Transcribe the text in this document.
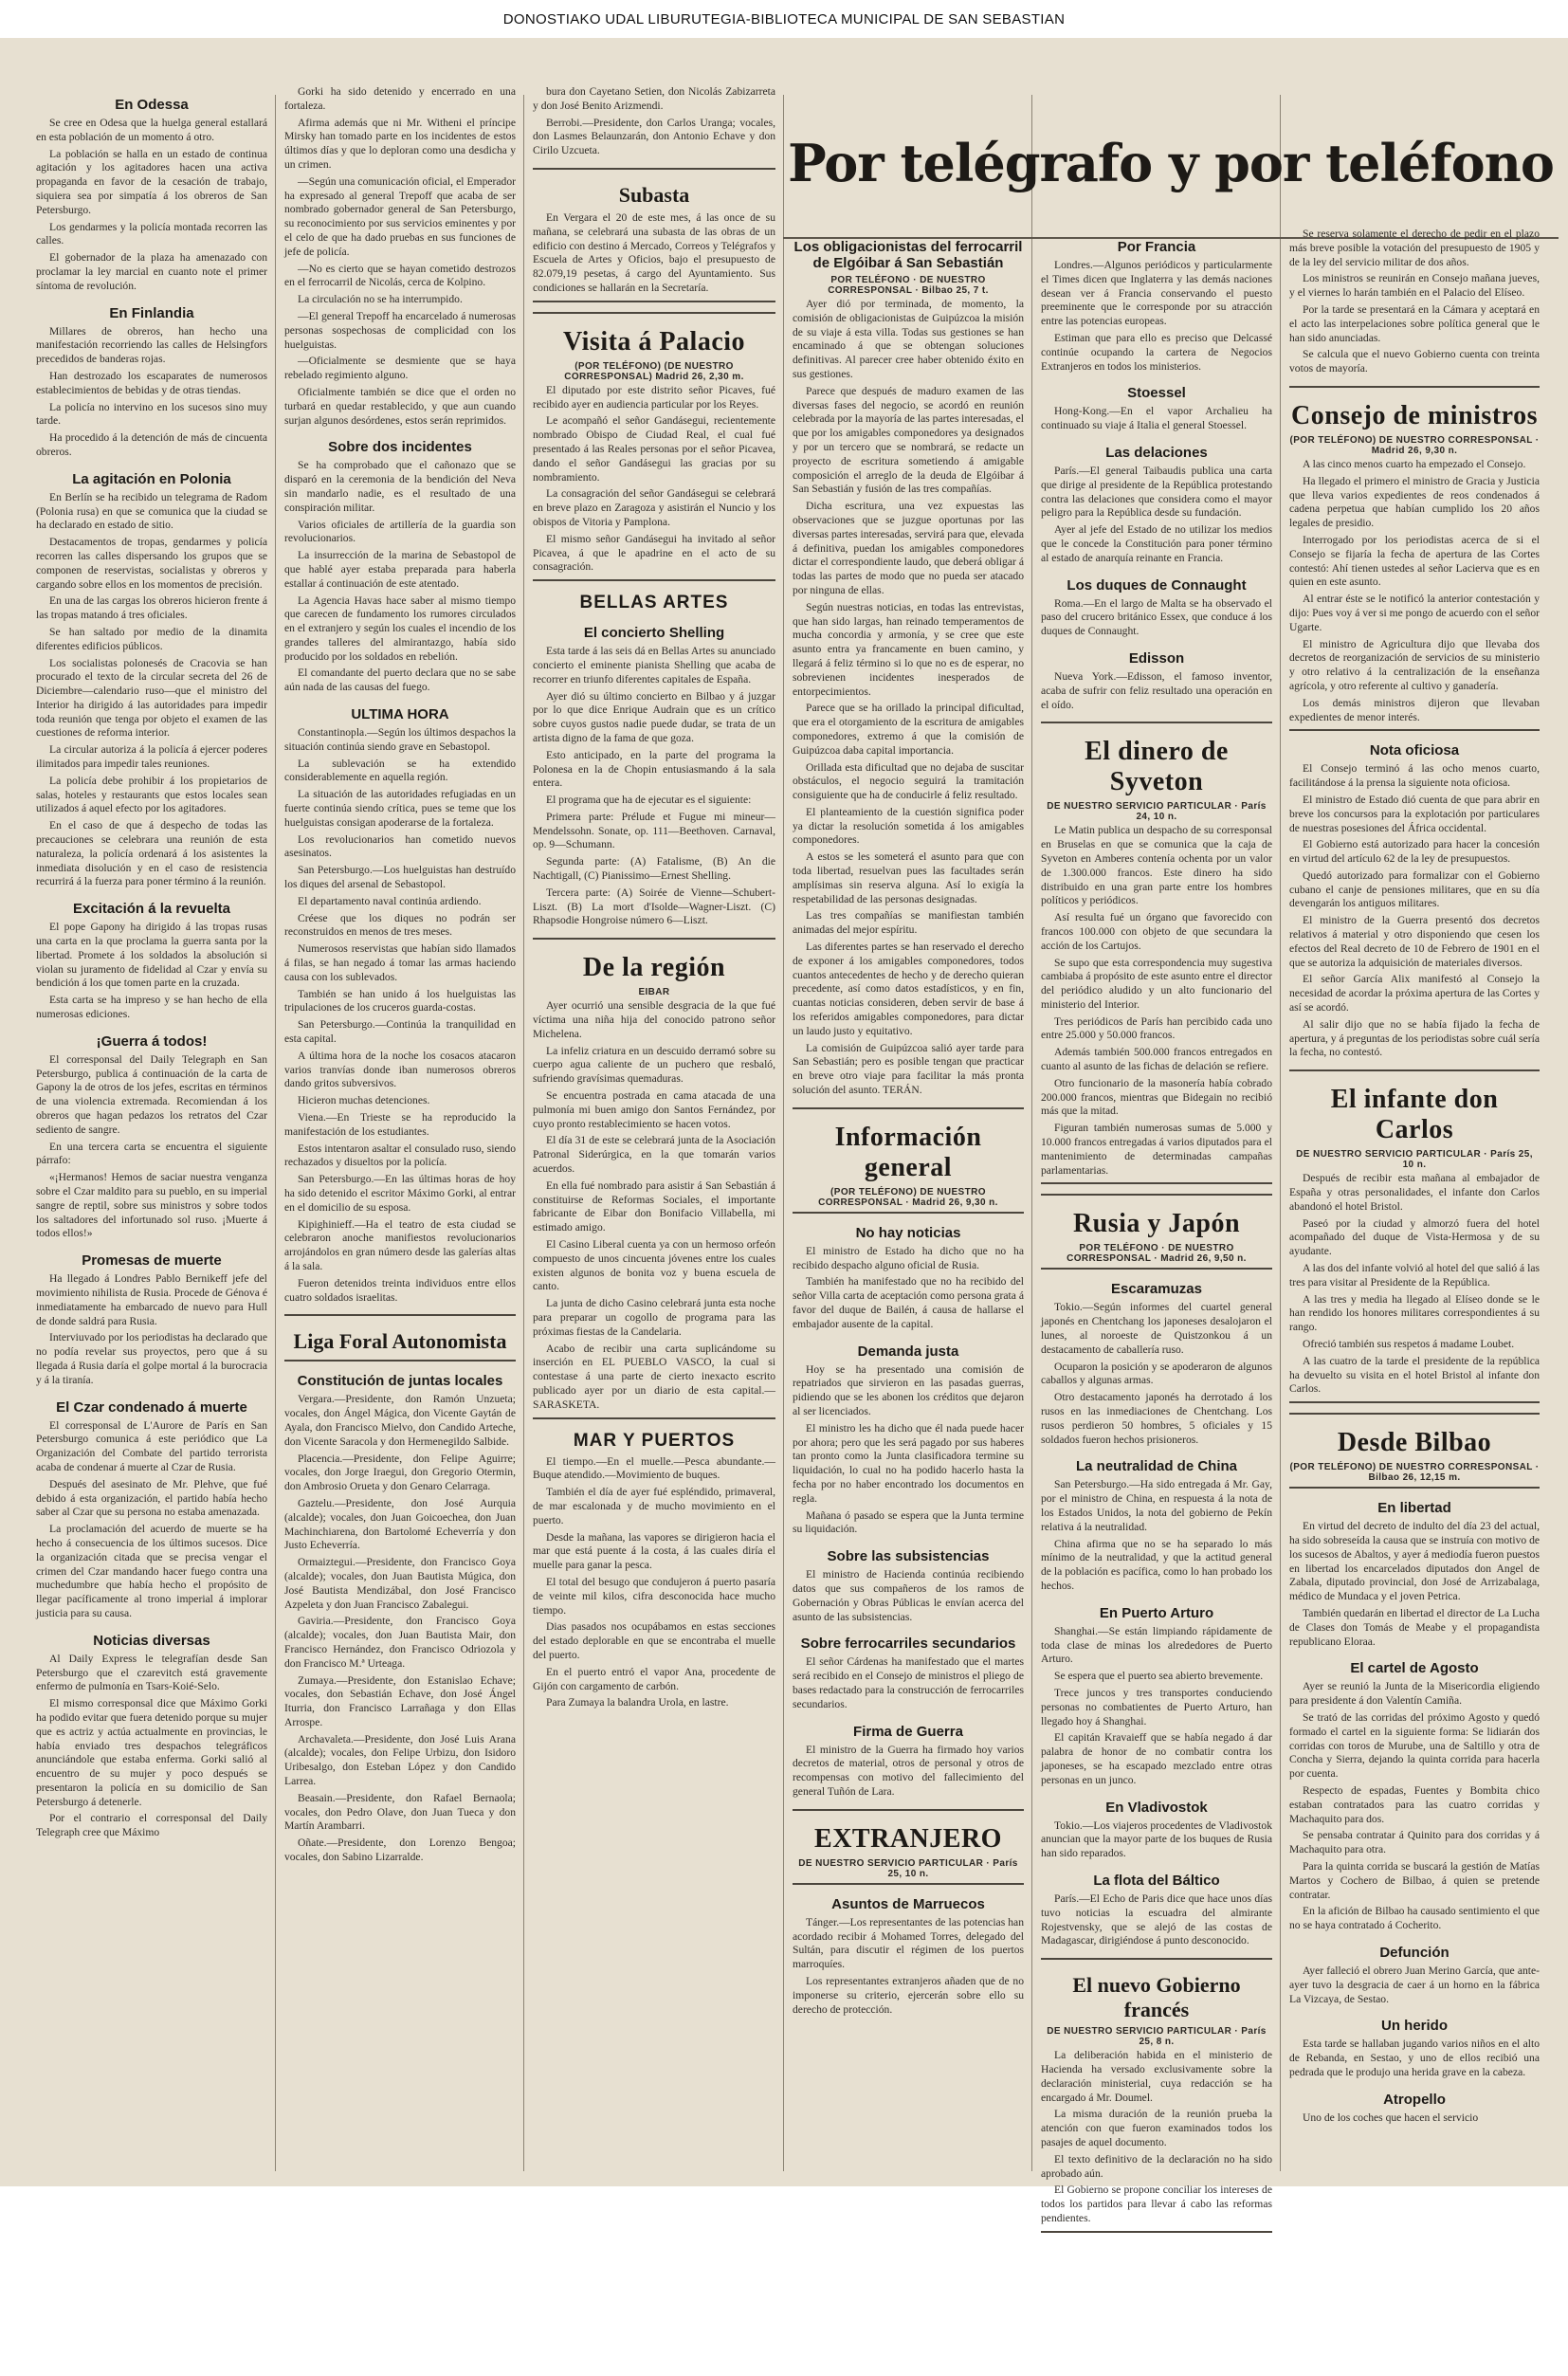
DONOSTIAKO UDAL LIBURUTEGIA-BIBLIOTECA MUNICIPAL DE SAN SEBASTIAN
Por telégrafo y por teléfono
En Odessa

Se cree en Odesa que la huelga general estallará en esta población de un momento á otro.

La población se halla en un estado de continua agitación y los agitadores hacen una activa propaganda en favor de la cesación de trabajo, siquiera sea por simpatía á los obreros de San Petersburgo.

Los gendarmes y la policía montada recorren las calles.

El gobernador de la plaza ha amenazado con proclamar la ley marcial en cuanto note el primer síntoma de revolución.

En Finlandia

Millares de obreros, han hecho una manifestación recorriendo las calles de Helsingfors precedidos de banderas rojas.

Han destrozado los escaparates de numerosos establecimientos de bebidas y de otras tiendas.

La policía no intervino en los sucesos sino muy tarde.

Ha procedido á la detención de más de cincuenta obreros.

La agitación en Polonia

En Berlín se ha recibido un telegrama de Radom (Polonia rusa) en que se comunica que la ciudad se ha declarado en estado de sitio.

Destacamentos de tropas, gendarmes y policía recorren las calles dispersando los grupos que se componen de reservistas, socialistas y obreros y cargando sobre ellos en los momentos de precisión.

En una de las cargas los obreros hicieron frente á las tropas matando á tres oficiales.

Se han saltado por medio de la dinamita diferentes edificios públicos.

Los socialistas polonesés de Cracovia se han procurado el texto de la circular secreta del 26 de Diciembre—calendario ruso—que el ministro del Interior ha dirigido á las autoridades para impedir toda reunión que tenga por objeto el examen de las cuestiones de reforma interior.

La circular autoriza á la policía á ejercer poderes ilimitados para impedir tales reuniones.

La policía debe prohibir á los propietarios de salas, hoteles y restaurants que estos locales sean utilizados á aquel efecto por los agitadores.

En el caso de que á despecho de todas las precauciones se celebrara una reunión de esta naturaleza, la policía ordenará á los asistentes la inmediata disolución y en el caso de resistencia recurrirá á la fuerza para poner término á la reunión.

Excitación á la revuelta

El pope Gapony ha dirigido á las tropas rusas una carta en la que proclama la guerra santa por la libertad. Promete á los soldados la absolución si violan su juramento de fidelidad al Czar y envía su bendición á los que tomen parte en la cruzada.

Esta carta se ha impreso y se han hecho de ella numerosas ediciones.

¡Guerra á todos!

El corresponsal del Daily Telegraph en San Petersburgo, publica á continuación de la carta de Gapony la de otros de los jefes, escritas en términos de una violencia extremada. Recomiendan á los obreros que hagan pedazos los retratos del Czar sediento de sangre.

En una tercera carta se encuentra el siguiente párrafo:

«¡Hermanos! Hemos de saciar nuestra venganza sobre el Czar maldito para su pueblo, en su imperial sangre de reptil, sobre sus ministros y sobre todos los saltadores del infortunado sol ruso. ¡Muerte á todos ellos!»

Promesas de muerte

Ha llegado á Londres Pablo Bernikeff jefe del movimiento nihilista de Rusia. Procede de Génova é inmediatamente ha embarcado de nuevo para Hull de donde saldrá para Rusia.

Interviuvado por los periodistas ha declarado que no podía revelar sus proyectos, pero que á su llegada á Rusia daría el golpe mortal á la burocracia y á la tiranía.

El Czar condenado á muerte

El corresponsal de L'Aurore de París en San Petersburgo comunica á este periódico que La Organización del Combate del partido terrorista acaba de condenar á muerte al Czar de Rusia.

Después del asesinato de Mr. Plehve, que fué debido á esta organización, el partido había hecho saber al Czar que su persona no estaba amenazada.

La proclamación del acuerdo de muerte se ha hecho á consecuencia de los últimos sucesos. Dice la organización citada que se precisa vengar el crimen del Czar mandando hacer fuego contra una muchedumbre que había hecho el propósito de llegar pacíficamente al trono imperial á implorar justicia para su causa.

Noticias diversas

Al Daily Express le telegrafían desde San Petersburgo que el czarevitch está gravemente enfermo de pulmonía en Tsars-Koié-Selo.

El mismo corresponsal dice que Máximo Gorki ha podido evitar que fuera detenido porque su mujer que es actriz y actúa actualmente en provincias, le había enviado tres despachos telegráficos anunciándole que estaba enferma. Gorki salió al encuentro de su mujer y poco después se presentaron la policía en su domicilio de San Petersburgo á detenerle.

Por el contrario el corresponsal del Daily Telegraph cree que Máximo

Gorki ha sido detenido y encerrado en una fortaleza.

Afirma además que ni Mr. Witheni el príncipe Mirsky han tomado parte en los incidentes de estos últimos días y que lo deploran como una desdicha y un crimen.

—Según una comunicación oficial, el Emperador ha expresado al general Trepoff que acaba de ser nombrado gobernador general de San Petersburgo, su reconocimiento por sus servicios eminentes y por el celo de que ha dado pruebas en sus funciones de jefe de policía.

—No es cierto que se hayan cometido destrozos en el ferrocarril de Nicolás, cerca de Kolpino.

La circulación no se ha interrumpido.

—El general Trepoff ha encarcelado á numerosas personas sospechosas de complicidad con los huelguistas.

—Oficialmente se desmiente que se haya rebelado regimiento alguno.

Oficialmente también se dice que el orden no turbará en quedar restablecido, y que aun cuando surjan algunos desórdenes, estos serán reprimidos.

Sobre dos incidentes

Se ha comprobado que el cañonazo que se disparó en la ceremonia de la bendición del Neva sin mandarlo nadie, es el resultado de una conspiración militar.

Varios oficiales de artillería de la guardia son revolucionarios.

La insurrección de la marina de Sebastopol de que hablé ayer estaba preparada para haberla estallar á continuación de este atentado.

La Agencia Havas hace saber al mismo tiempo que carecen de fundamento los rumores circulados en el extranjero y según los cuales el incendio de los grandes talleres del almirantazgo, había sido producido por los soldados en rebelión.

El comandante del puerto declara que no se sabe aún nada de las causas del fuego.

ULTIMA HORA

Constantinopla.—Según los últimos despachos la situación continúa siendo grave en Sebastopol.

La sublevación se ha extendido considerablemente en aquella región.

La situación de las autoridades refugiadas en un fuerte continúa siendo crítica, pues se teme que los huelguistas consigan apoderarse de la fortaleza.

Los revolucionarios han cometido nuevos asesinatos.

San Petersburgo.—Los huelguistas han destruído los diques del arsenal de Sebastopol.

El departamento naval continúa ardiendo.

Créese que los diques no podrán ser reconstruidos en menos de tres meses.

Numerosos reservistas que habían sido llamados á filas, se han negado á tomar las armas haciendo causa con los sublevados.

También se han unido á los huelguistas las tripulaciones de los cruceros guarda-costas.

San Petersburgo.—Continúa la tranquilidad en esta capital.

A última hora de la noche los cosacos atacaron varios tranvías donde iban numerosos obreros dando gritos subversivos.

Hicieron muchas detenciones.

Viena.—En Trieste se ha reproducido la manifestación de los estudiantes.

Estos intentaron asaltar el consulado ruso, siendo rechazados y disueltos por la policía.

San Petersburgo.—En las últimas horas de hoy ha sido detenido el escritor Máximo Gorki, al entrar en el domicilio de su esposa.

Kipighinieff.—Ha el teatro de esta ciudad se celebraron anoche manifiestos revolucionarios arrojándolos en gran número desde las galerías altas á la sala.

Fueron detenidos treinta individuos entre ellos cuatro soldados israelitas.

Liga Foral Autonomista
Constitución de juntas locales

Vergara.—Presidente, don Ramón Unzueta; vocales, don Ángel Mágica, don Vicente Gaytán de Ayala, don Francisco Mielvo, don Candido Arteche, don Vicente Saracola y don Hermenegildo Salbide.

Placencia.—Presidente, don Felipe Aguirre; vocales, don Jorge Iraegui, don Gregorio Otermin, don Ambrosio Orueta y don Genaro Celarraga.

Gaztelu.—Presidente, don José Aurquia (alcalde); vocales, don Juan Goicoechea, don Juan Machinchiarena, don Bartolomé Echeverría y don Justo Echeverría.

Ormaiztegui.—Presidente, don Francisco Goya (alcalde); vocales, don Juan Bautista Múgica, don José Bautista Mendizábal, don José Francisco Azpeleta y don Juan Francisco Zabalegui.

Gaviria.—Presidente, don Francisco Goya (alcalde); vocales, don Juan Bautista Mair, don Francisco Hernández, don Francisco Odriozola y don Francisco M.ª Urteaga.

Zumaya.—Presidente, don Estanislao Echave; vocales, don Sebastián Echave, don José Ángel Iturria, don Francisco Larrañaga y don Ellas Arrospe.

Archavaleta.—Presidente, don José Luis Arana (alcalde); vocales, don Felipe Urbizu, don Isidoro Uribesalgo, don Esteban López y don Candido Larrea.

Beasain.—Presidente, don Rafael Bernaola; vocales, don Pedro Olave, don Juan Tueca y don Martín Arambarri.

Oñate.—Presidente, don Lorenzo Bengoa; vocales, don Sabino Lizarralde.

bura don Cayetano Setien, don Nicolás Zabizarreta y don José Benito Arizmendi.

Berrobi.—Presidente, don Carlos Uranga; vocales, don Lasmes Belaunzarán, don Antonio Echave y don Cirilo Uzcueta.

Subasta

En Vergara el 20 de este mes, á las once de su mañana, se celebrará una subasta de las obras de un edificio con destino á Mercado, Correos y Telégrafos y Escuela de Artes y Oficios, bajo el presupuesto de 82.079,19 pesetas, á cargo del Ayuntamiento. Sus condiciones se hallarán en la Secretaría.

Visita á Palacio
(POR TELÉFONO) (DE NUESTRO CORRESPONSAL) Madrid 26, 2,30 m.

El diputado por este distrito señor Picaves, fué recibido ayer en audiencia particular por los Reyes.

Le acompañó el señor Gandásegui, recientemente nombrado Obispo de Ciudad Real, el cual fué presentado á las Reales personas por el señor Picavea, dando el señor Gandásegui las gracias por su nombramiento.

La consagración del señor Gandásegui se celebrará en breve plazo en Zaragoza y asistirán el Nuncio y los obispos de Vitoria y Pamplona.

El mismo señor Gandásegui ha invitado al señor Picavea, á que le apadrine en el acto de su consagración.

BELLAS ARTES
El concierto Shelling

Esta tarde á las seis dá en Bellas Artes su anunciado concierto el eminente pianista Shelling que acaba de recorrer en triunfo diferentes capitales de España.

Ayer dió su último concierto en Bilbao y á juzgar por lo que dice Enrique Audrain que es un crítico sobre cuyos gustos nadie puede dudar, se trata de un artista digno de la fama de que goza.

Esto anticipado, en la parte del programa la Polonesa en la de Chopin entusiasmando á la sala entera.

El programa que ha de ejecutar es el siguiente:

Primera parte: Prélude et Fugue mi mineur—Mendelssohn. Sonate, op. 111—Beethoven. Carnaval, op. 9—Schumann.

Segunda parte: (A) Fatalisme, (B) An die Nachtigall, (C) Pianissimo—Ernest Shelling.

Tercera parte: (A) Soirée de Vienne—Schubert-Liszt. (B) La mort d'Isolde—Wagner-Liszt. (C) Rhapsodie Hongroise número 6—Liszt.

De la región
EIBAR

Ayer ocurrió una sensible desgracia de la que fué víctima una niña hija del conocido patrono señor Michelena.

La infeliz criatura en un descuido derramó sobre su cuerpo agua caliente de un puchero que resbaló, sufriendo gravísimas quemaduras.

Se encuentra postrada en cama atacada de una pulmonía mi buen amigo don Santos Fernández, por cuyo pronto restablecimiento se hacen votos.

El día 31 de este se celebrará junta de la Asociación Patronal Siderúrgica, en la que tomarán varios acuerdos.

En ella fué nombrado para asistir á San Sebastián á constituirse de Reformas Sociales, el importante fabricante de Eibar don Bonifacio Villabella, mi estimado amigo.

El Casino Liberal cuenta ya con un hermoso orfeón compuesto de unos cincuenta jóvenes entre los cuales existen algunos de bonita voz y buena escuela de canto.

La junta de dicho Casino celebrará junta esta noche para preparar un cogollo de programa para las próximas fiestas de la Candelaria.

Acabo de recibir una carta suplicándome su inserción en EL PUEBLO VASCO, la cual si contestase á una parte de cierto inexacto escrito publicado ayer por un diario de esta capital.—SARASKETA.

MAR Y PUERTOS

El tiempo.—En el muelle.—Pesca abundante.—Buque atendido.—Movimiento de buques.

También el día de ayer fué espléndido, primaveral, de mar escalonada y de mucho movimiento en el puerto.

Desde la mañana, las vapores se dirigieron hacia el mar que está puente á la costa, á las cuales diría el muelle para ganar la pesca.

El total del besugo que condujeron á puerto pasaría de veinte mil kilos, cifra desconocida hace mucho tiempo.

Dias pasados nos ocupábamos en estas secciones del estado deplorable en que se encontraba el muelle del puerto.

En el puerto entró el vapor Ana, procedente de Gijón con cargamento de carbón.

Para Zumaya la balandra Urola, en lastre.

Los obligacionistas del ferrocarril de Elgóibar á San Sebastián
POR TELÉFONO · DE NUESTRO CORRESPONSAL · Bilbao 25, 7 t.

Ayer dió por terminada, de momento, la comisión de obligacionistas de Guipúzcoa la misión de su viaje á esta villa. Todas sus gestiones se han encaminado á que se obtengan soluciones definitivas. Al parecer cree haber obtenido éxito en sus gestiones.

Parece que después de maduro examen de las diversas fases del negocio, se acordó en reunión celebrada por la mayoría de las partes interesadas, el que por los amigables componedores ya designados y por un tercero que se nombrará, se redacte un proyecto de escritura sometiendo á amigable composición el arreglo de la deuda de Elgóibar á San Sebastián y fusión de las tres compañías.

Dicha escritura, una vez expuestas las observaciones que se juzgue oportunas por las diversas partes interesadas, servirá para que, elevada á definitiva, puedan los amigables componedores dictar el correspondiente laudo, que deberá obligar á todas las partes de modo que no pueda ser atacado por ninguna de ellas.

Según nuestras noticias, en todas las entrevistas, que han sido largas, han reinado temperamentos de mucha concordia y armonía, y se cree que este asunto entra ya francamente en buen camino, y llegará á feliz término si lo que no es de esperar, no sobrevienen incidentes inesperados de entorpecimientos.

Parece que se ha orillado la principal dificultad, que era el otorgamiento de la escritura de amigables componedores, extremo á que la comisión de Guipúzcoa daba capital importancia.

Orillada esta dificultad que no dejaba de suscitar obstáculos, el negocio seguirá la tramitación consiguiente que ha de conducirle á feliz resultado.

El planteamiento de la cuestión significa poder ya dictar la resolución sometida á los amigables componedores.

A estos se les someterá el asunto para que con toda libertad, resuelvan pues las facultades serán amplísimas sin reserva alguna. Así lo exigía la respetabilidad de las personas designadas.

Las tres compañías se manifiestan también animadas del mejor espíritu.

Las diferentes partes se han reservado el derecho de exponer á los amigables componedores, todos cuantos antecedentes de hecho y de derecho quieran precedente, así como datos estadísticos, y en fin, cuantas noticias consideren, deben servir de base á los referidos amigables componedores, para dictar un laudo justo y equitativo.

La comisión de Guipúzcoa salió ayer tarde para San Sebastián; pero es posible tengan que practicar en breve otro viaje para facilitar la más pronta solución del asunto. TERÁN.

Información general
(POR TELÉFONO) DE NUESTRO CORRESPONSAL · Madrid 26, 9,30 n.
No hay noticias

El ministro de Estado ha dicho que no ha recibido despacho alguno oficial de Rusia.

También ha manifestado que no ha recibido del señor Villa carta de aceptación como persona grata á favor del duque de Bailén, á causa de hallarse el embajador ausente de la capital.

Demanda justa

Hoy se ha presentado una comisión de repatriados que sirvieron en las pasadas guerras, pidiendo que se les abonen los créditos que dejaron al ser licenciados.

El ministro les ha dicho que él nada puede hacer por ahora; pero que les será pagado por sus haberes tan pronto como la Junta clasificadora termine su liquidación, lo cual no ha podido hacerlo hasta la fecha por no haber encontrado los documentos en regla.

Mañana ó pasado se espera que la Junta termine su liquidación.

Sobre las subsistencias

El ministro de Hacienda continúa recibiendo datos que sus compañeros de los ramos de Gobernación y Obras Públicas le envían acerca del asunto de las subsistencias.

Sobre ferrocarriles secundarios

El señor Cárdenas ha manifestado que el martes será recibido en el Consejo de ministros el pliego de bases redactado para la construcción de ferrocarriles secundarios.

Firma de Guerra

El ministro de la Guerra ha firmado hoy varios decretos de material, otros de personal y otros de recompensas con motivo del fallecimiento del general Tuñón de Lara.

EXTRANJERO
DE NUESTRO SERVICIO PARTICULAR · París 25, 10 n.
Asuntos de Marruecos

Tánger.—Los representantes de las potencias han acordado recibir á Mohamed Torres, delegado del Sultán, para discutir el régimen de los puertos marroquíes.

Los representantes extranjeros añaden que de no imponerse su criterio, ejercerán sobre ello su derecho de protección.

Por Francia

Londres.—Algunos periódicos y particularmente el Times dicen que Inglaterra y las demás naciones desean ver á Francia conservando el puesto preeminente que le corresponde por su atracción entre las potencias europeas.

Estiman que para ello es preciso que Delcassé continúe ocupando la cartera de Negocios Extranjeros en todos los ministerios.

Stoessel

Hong-Kong.—En el vapor Archalieu ha continuado su viaje á Italia el general Stoessel.

Las delaciones

París.—El general Taibaudis publica una carta que dirige al presidente de la República protestando contra las delaciones que considera como el mayor peligro para la República desde su fundación.

Ayer al jefe del Estado de no utilizar los medios que le concede la Constitución para poner término al estado de anarquía reinante en Francia.

Los duques de Connaught

Roma.—En el largo de Malta se ha observado el paso del crucero británico Essex, que conduce á los duques de Connaught.

Edisson

Nueva York.—Edisson, el famoso inventor, acaba de sufrir con feliz resultado una operación en el oído.

El dinero de Syveton
DE NUESTRO SERVICIO PARTICULAR · París 24, 10 n.

Le Matin publica un despacho de su corresponsal en Bruselas en que se comunica que la caja de Syveton en Amberes contenía ochenta por un valor de 1.300.000 francos. Este dinero ha sido distribuido en una gran parte entre los hombres políticos y periódicos.

Así resulta fué un órgano que favorecido con francos 100.000 con objeto de que secundara la acción de los Cartujos.

Se supo que esta correspondencia muy sugestiva cambiaba á propósito de este asunto entre el director del periódico aludido y un alto funcionario del ministerio del Interior.

Tres periódicos de París han percibido cada uno entre 25.000 y 50.000 francos.

Además también 500.000 francos entregados en cuanto al asunto de las fichas de delación se refiere.

Otro funcionario de la masonería había cobrado 200.000 francos, mientras que Bidegain no recibió más que la mitad.

Figuran también numerosas sumas de 5.000 y 10.000 francos entregadas á varios diputados para el mantenimiento de determinadas campañas parlamentarias.

Rusia y Japón
POR TELÉFONO · DE NUESTRO CORRESPONSAL · Madrid 26, 9,50 n.
Escaramuzas

Tokio.—Según informes del cuartel general japonés en Chentchang los japoneses desalojaron el lunes, al noroeste de Quistzonkou á un destacamento de caballería ruso.

Ocuparon la posición y se apoderaron de algunos caballos y algunas armas.

Otro destacamento japonés ha derrotado á los rusos en las inmediaciones de Chentchang. Los rusos perdieron 50 hombres, 5 oficiales y 15 soldados fueron hechos prisioneros.

La neutralidad de China

San Petersburgo.—Ha sido entregada á Mr. Gay, por el ministro de China, en respuesta á la nota de los Estados Unidos, la nota del gobierno de Pekín relativa á la neutralidad.

China afirma que no se ha separado lo más mínimo de la neutralidad, y que la actitud general de la población es pacífica, como lo han probado los hechos.

En Puerto Arturo

Shanghai.—Se están limpiando rápidamente de toda clase de minas los alrededores de Puerto Arturo.

Se espera que el puerto sea abierto brevemente.

Trece juncos y tres transportes conduciendo personas no combatientes de Puerto Arturo, han llegado hoy á Shanghai.

El capitán Kravaieff que se había negado á dar palabra de honor de no combatir contra los japoneses, se ha escapado mezclado entre otras personas en un junco.

En Vladivostok

Tokio.—Los viajeros procedentes de Vladivostok anuncian que la mayor parte de los buques de Rusia han sido reparados.

La flota del Báltico

París.—El Echo de Paris dice que hace unos días tuvo noticias la escuadra del almirante Rojestvensky, que se alejó de las costas de Madagascar, dirigiéndose á punto desconocido.

El nuevo Gobierno francés
DE NUESTRO SERVICIO PARTICULAR · París 25, 8 n.

La deliberación habida en el ministerio de Hacienda ha versado exclusivamente sobre la declaración ministerial, cuya redacción se ha encargado á Mr. Doumel.

La misma duración de la reunión prueba la atención con que fueron examinados todos los pasajes de aquel documento.

El texto definitivo de la declaración no ha sido aprobado aún.

El Gobierno se propone conciliar los intereses de todos los partidos para llevar á cabo las reformas pendientes.

Se reserva solamente el derecho de pedir en el plazo más breve posible la votación del presupuesto de 1905 y de la ley del servicio militar de dos años.

Los ministros se reunirán en Consejo mañana jueves, y el viernes lo harán también en el Palacio del Elíseo.

Por la tarde se presentará en la Cámara y aceptará en el acto las interpelaciones sobre política general que le han sido anunciadas.

Se calcula que el nuevo Gobierno cuenta con treinta votos de mayoría.

Consejo de ministros
(POR TELÉFONO) DE NUESTRO CORRESPONSAL · Madrid 26, 9,30 n.

A las cinco menos cuarto ha empezado el Consejo.

Ha llegado el primero el ministro de Gracia y Justicia que lleva varios expedientes de reos condenados á cadena perpetua que habían cumplido los 20 años legales de presidio.

Interrogado por los periodistas acerca de si el Consejo se fijaría la fecha de apertura de las Cortes contestó: Ahí tienen ustedes al señor Lacierva que es en quien en este asunto.

Al entrar éste se le notificó la anterior contestación y dijo: Pues voy á ver si me pongo de acuerdo con el señor Ugarte.

El ministro de Agricultura dijo que llevaba dos decretos de reorganización de servicios de su ministerio y otro relativo á la centralización de la enseñanza agrícola, y otro referente al cultivo y ganadería.

Los demás ministros dijeron que llevaban expedientes de menor interés.

Nota oficiosa

El Consejo terminó á las ocho menos cuarto, facilitándose á la prensa la siguiente nota oficiosa.

El ministro de Estado dió cuenta de que para abrir en breve los concursos para la explotación por particulares de nuestras posesiones del África occidental.

El Gobierno está autorizado para hacer la concesión en virtud del artículo 62 de la ley de presupuestos.

Quedó autorizado para formalizar con el Gobierno cubano el canje de pensiones militares, que en su día devengarán los antiguos militares.

El ministro de la Guerra presentó dos decretos relativos á material y otro disponiendo que cesen los efectos del Real decreto de 10 de Febrero de 1901 en el que se autoriza la adquisición de materiales diversos.

El señor García Alix manifestó al Consejo la necesidad de acordar la próxima apertura de las Cortes y así se acordó.

Al salir dijo que no se había fijado la fecha de apertura, y á preguntas de los periodistas sobre cuál sería la fecha, no contestó.

El infante don Carlos
DE NUESTRO SERVICIO PARTICULAR · París 25, 10 n.

Después de recibir esta mañana al embajador de España y otras personalidades, el infante don Carlos abandonó el hotel Bristol.

Paseó por la ciudad y almorzó fuera del hotel acompañado del duque de Vista-Hermosa y de su ayudante.

A las dos del infante volvió al hotel del que salió á las tres para visitar al Presidente de la República.

A las tres y media ha llegado al Elíseo donde se le han rendido los honores militares correspondientes á su rango.

Ofreció también sus respetos á madame Loubet.

A las cuatro de la tarde el presidente de la república ha devuelto su visita en el hotel Bristol al infante don Carlos.

Desde Bilbao
(POR TELÉFONO) DE NUESTRO CORRESPONSAL · Bilbao 26, 12,15 m.
En libertad

En virtud del decreto de indulto del día 23 del actual, ha sido sobreseída la causa que se instruía con motivo de los sucesos de Abaltos, y ayer á mediodía fueron puestos en libertad los encarcelados diputados don Angel de Zabala, diputado provincial, don José de Arrizabalaga, médico de Mundaca y el joven Petrica.

También quedarán en libertad el director de La Lucha de Clases don Tomás de Meabe y el propagandista republicano Eloraa.

El cartel de Agosto

Ayer se reunió la Junta de la Misericordia eligiendo para presidente á don Valentín Camiña.

Se trató de las corridas del próximo Agosto y quedó formado el cartel en la siguiente forma: Se lidiarán dos corridas con toros de Murube, una de Saltillo y otra de Concha y Sierra, dejando la quinta corrida para hacerla por cuenta.

Respecto de espadas, Fuentes y Bombita chico estaban contratados para las cuatro corridas y Machaquito para dos.

Se pensaba contratar á Quinito para dos corridas y á Machaquito para otra.

Para la quinta corrida se buscará la gestión de Matías Martos y Cochero de Bilbao, á quien se pretende contratar.

En la afición de Bilbao ha causado sentimiento el que no se haya contratado á Cocherito.

Defunción

Ayer falleció el obrero Juan Merino García, que ante-ayer tuvo la desgracia de caer á un horno en la fábrica La Vizcaya, de Sestao.

Un herido

Esta tarde se hallaban jugando varios niños en el alto de Rebanda, en Sestao, y uno de ellos recibió una pedrada que le produjo una herida grave en la cabeza.

Atropello

Uno de los coches que hacen el servicio
